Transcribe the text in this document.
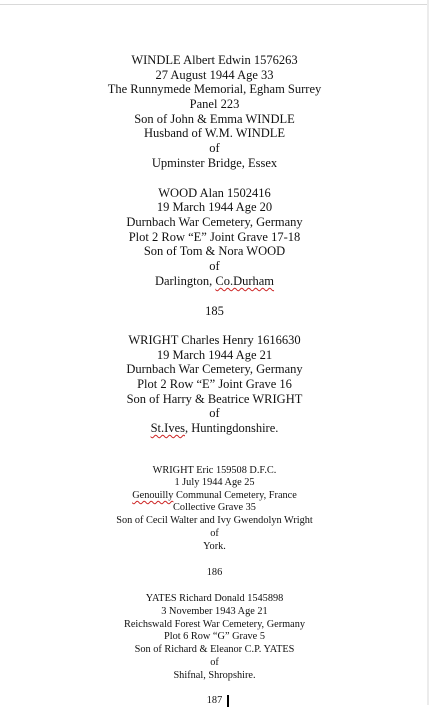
WINDLE Albert Edwin 1576263
27 August 1944 Age 33
The Runnymede Memorial, Egham Surrey
Panel 223
Son of John & Emma WINDLE
Husband of W.M. WINDLE
of
Upminster Bridge, Essex
WOOD Alan 1502416
19 March 1944 Age 20
Durnbach War Cemetery, Germany
Plot 2 Row “E” Joint Grave 17-18
Son of Tom & Nora WOOD
of
Darlington, Co.Durham
185
WRIGHT Charles Henry 1616630
19 March 1944 Age 21
Durnbach War Cemetery, Germany
Plot 2 Row “E” Joint Grave 16
Son of Harry & Beatrice WRIGHT
of
St.Ives, Huntingdonshire.
WRIGHT Eric 159508 D.F.C.
1 July 1944 Age 25
Genouilly Communal Cemetery, France
Collective Grave 35
Son of Cecil Walter and Ivy Gwendolyn Wright
of
York.
186
YATES Richard Donald 1545898
3 November 1943 Age 21
Reichswald Forest War Cemetery, Germany
Plot 6 Row “G” Grave 5
Son of Richard & Eleanor C.P. YATES
of
Shifnal, Shropshire.
187
